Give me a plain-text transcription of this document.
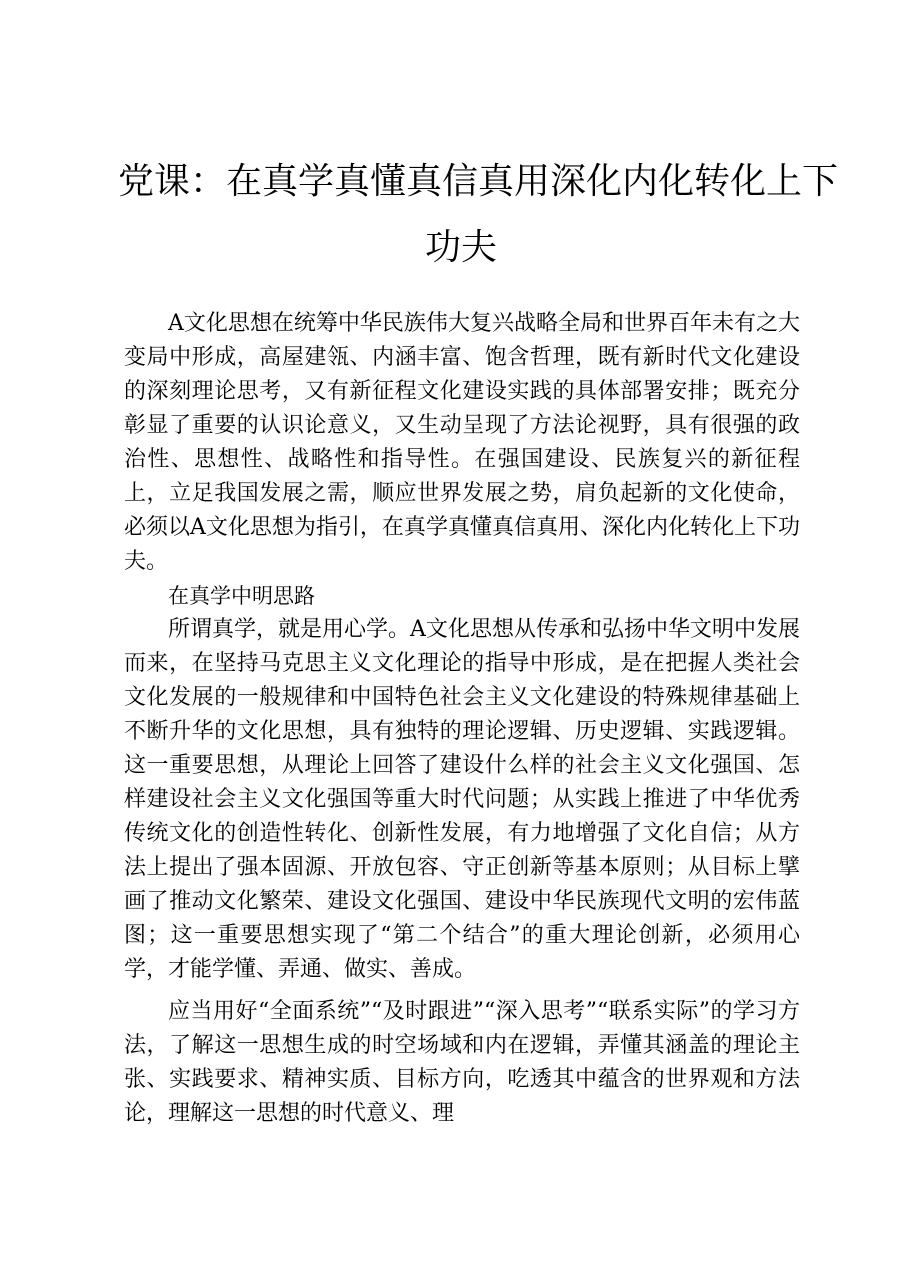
党课：在真学真懂真信真用深化内化转化上下
功夫

A文化思想在统筹中华民族伟大复兴战略全局和世界百年未有之大变局中形成，高屋建瓴、内涵丰富、饱含哲理，既有新时代文化建设的深刻理论思考，又有新征程文化建设实践的具体部署安排；既充分彰显了重要的认识论意义，又生动呈现了方法论视野，具有很强的政治性、思想性、战略性和指导性。在强国建设、民族复兴的新征程上，立足我国发展之需，顺应世界发展之势，肩负起新的文化使命，必须以A文化思想为指引，在真学真懂真信真用、深化内化转化上下功夫。

在真学中明思路

所谓真学，就是用心学。A文化思想从传承和弘扬中华文明中发展而来，在坚持马克思主义文化理论的指导中形成，是在把握人类社会文化发展的一般规律和中国特色社会主义文化建设的特殊规律基础上不断升华的文化思想，具有独特的理论逻辑、历史逻辑、实践逻辑。这一重要思想，从理论上回答了建设什么样的社会主义文化强国、怎样建设社会主义文化强国等重大时代问题；从实践上推进了中华优秀传统文化的创造性转化、创新性发展，有力地增强了文化自信；从方法上提出了强本固源、开放包容、守正创新等基本原则；从目标上擘画了推动文化繁荣、建设文化强国、建设中华民族现代文明的宏伟蓝图；这一重要思想实现了“第二个结合”的重大理论创新，必须用心学，才能学懂、弄通、做实、善成。

应当用好“全面系统”“及时跟进”“深入思考”“联系实际”的学习方法，了解这一思想生成的时空场域和内在逻辑，弄懂其涵盖的理论主张、实践要求、精神实质、目标方向，吃透其中蕴含的世界观和方法论，理解这一思想的时代意义、理
